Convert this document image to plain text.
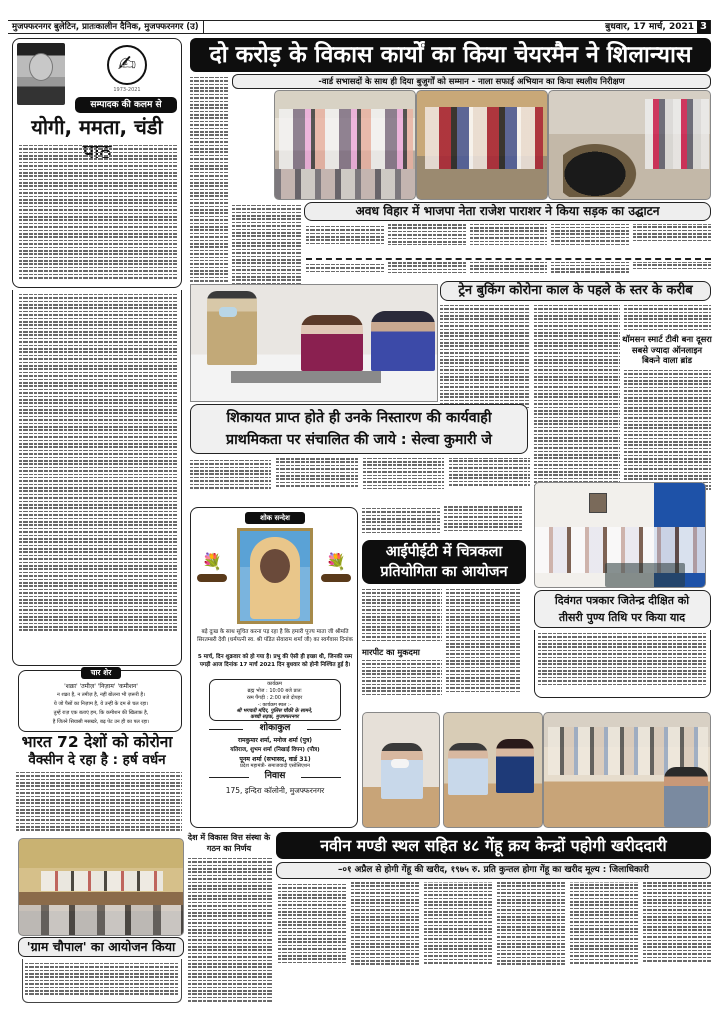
मुजफ्फरनगर बुलेटिन, प्रातःकालीन दैनिक, मुजफ्फरनगर (उ)	बुधवार, 17 मार्च, 2021 3
✍
1973-2021
सम्पादक की कलम से
योगी, ममता, चंडी
चार शेर
'शक्रा' 'तमीज़' 'निज़ाम' 'कमीशन'
न शक्रा है, न तमीज़ है, नहीं बोलना भी ज़रूरी है।
ये जो पैसों का निज़ाम है, ये उन्हीं के दम से चल रहा।
तुम्हें राज़ एक बताएं हम, कि कमीशन की खिलाफ़ है,
है जितने सियासी मसखरे, बढ़ पेट उन ही का पल रहा।
भारत 72 देशों को कोरोना
वैक्सीन दे रहा है : हर्ष वर्धन
'ग्राम चौपाल' का आयोजन किया
दो करोड़ के विकास कार्यों का किया चेयरमैन ने शिलान्यास
-वार्ड सभासदों के साथ ही दिया बुजुर्गों को सम्मान - नाला सफाई अभियान का किया स्थलीय निरीक्षण
अवध विहार में भाजपा नेता राजेश पाराशर ने किया सड़क का उद्घाटन
ट्रेन बुकिंग कोरोना काल के पहले के स्तर के करीब
थॉमसन स्मार्ट टीवी बना दूसरा सबसे ज्यादा ऑनलाइन बिकने वाला ब्रांड
शिकायत प्राप्त होते ही उनके निस्तारण की कार्यवाही
प्राथमिकता पर संचालित की जाये : सेल्वा कुमारी जे
शोक सन्देश
💐	💐
बड़े दुःख के साथ सूचित करना पड़ रहा है कि हमारी पूज्य माता जी श्रीमति सिरतम्बरी देवी (धर्मपत्नी स्व. श्री पंडित सेवाराम शर्मा जी) का स्वर्गवास दिनांक
5 मार्च, दिन शुक्रवार को हो गया है। प्रभु की ऐसी ही इच्छा थी, जिनकी रस्म पगड़ी आज दिनांक 17 मार्च 2021 दिन बुधवार को होनी निश्चित हुई है।
कार्यक्रम
ब्रह्म भोज : 10:00 बजे प्रातः
रस्म पैंगड़ी : 2:00 बजे दोपहर
-: कार्यक्रम स्थल :-
श्री भगवती मंदिर, पुलिस चौकी के सामने,
कच्ची सड़क, मुजफ्फरनगर
शोकाकुल
रामकुमार शर्मा, मनोज शर्मा (पुत्र)
यतिराज, शुभम शर्मा (निखाई विपन) (पौत्र)
पूनम शर्मा (सभासद, वार्ड 31)
प्रदेश महामंत्री- समाजवादी एसोसिएशन
निवास
175, इन्दिरा कॉलोनी, मुजफ्फरनगर
आईपीईटी में चित्रकला
प्रतियोगिता का आयोजन
मारपीट का मुकदमा
दिवंगत पत्रकार जितेन्द्र दीक्षित को
तीसरी पुण्य तिथि पर किया याद
देश में विकास वित्त संस्था के गठन का निर्णय	नवीन मण्डी स्थल सहित ४८ गेंहू क्रय केन्द्रों पहोगी खरीददारी
–०१ अप्रैल से होगी गेंहू की खरीद, १९७५ रु. प्रति कुन्तल होगा गेंहू का खरीद मूल्य : जिलाधिकारी
